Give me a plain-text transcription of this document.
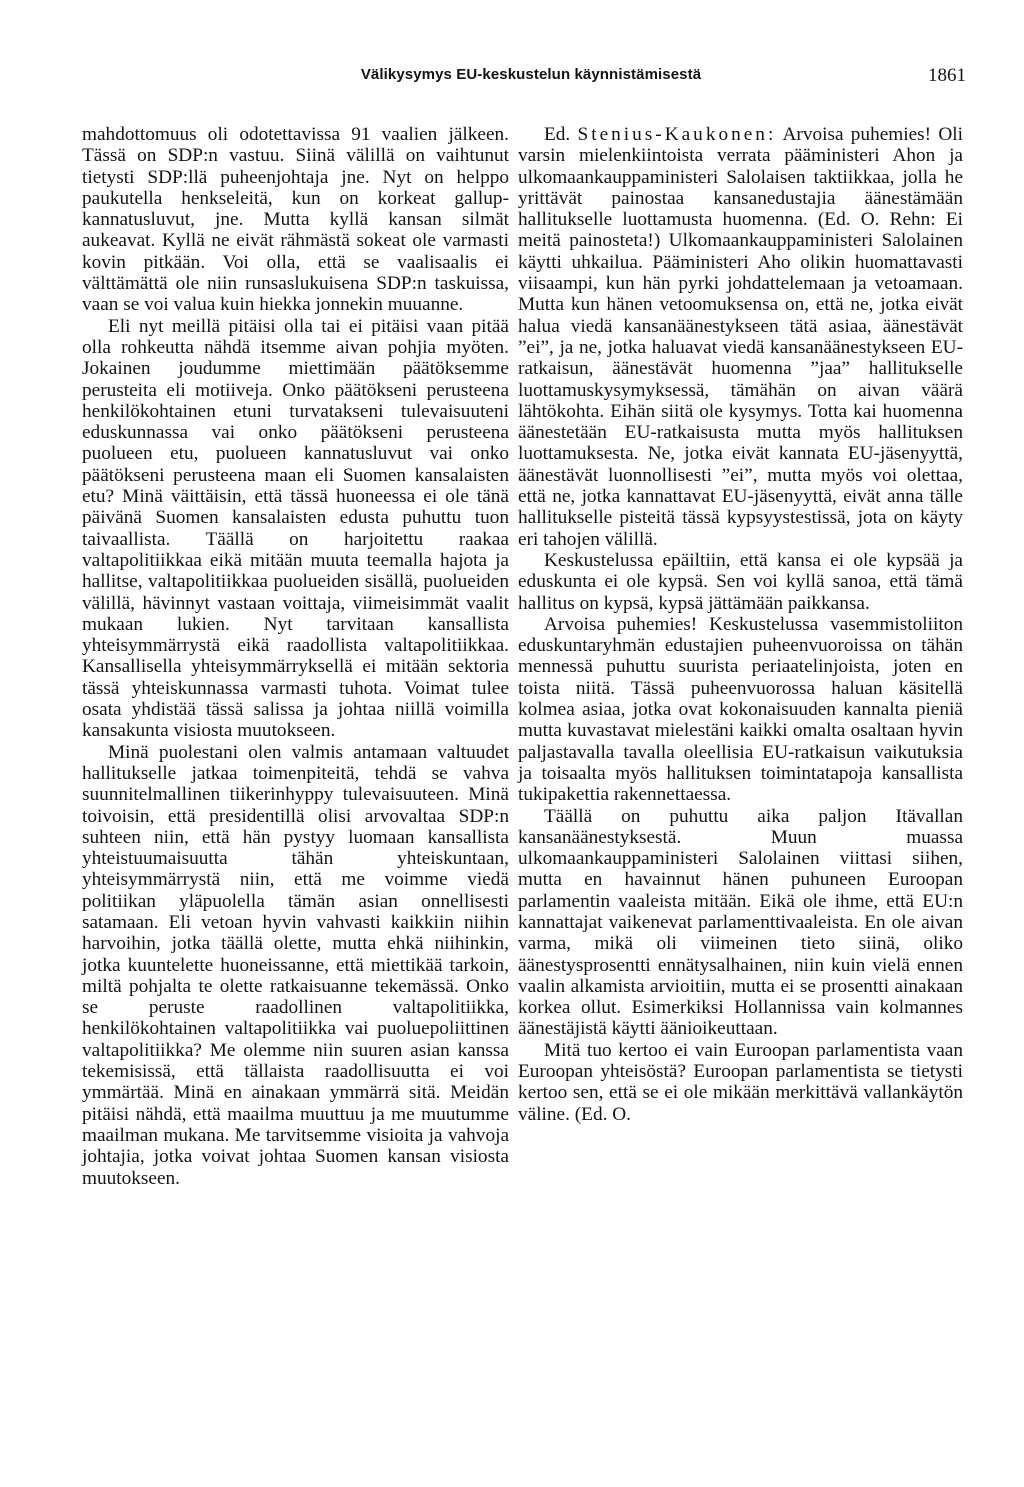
Välikysymys EU-keskustelun käynnistämisestä	1861

mahdottomuus oli odotettavissa 91 vaalien jälkeen. Tässä on SDP:n vastuu. Siinä välillä on vaihtunut tietysti SDP:llä puheenjohtaja jne. Nyt on helppo paukutella henkseleitä, kun on korkeat gallup-kannatusluvut, jne. Mutta kyllä kansan silmät aukeavat. Kyllä ne eivät rähmästä sokeat ole varmasti kovin pitkään. Voi olla, että se vaalisaalis ei välttämättä ole niin runsaslukuisena SDP:n taskuissa, vaan se voi valua kuin hiekka jonnekin muuanne.

Eli nyt meillä pitäisi olla tai ei pitäisi vaan pitää olla rohkeutta nähdä itsemme aivan pohjia myöten. Jokainen joudumme miettimään päätöksemme perusteita eli motiiveja. Onko päätökseni perusteena henkilökohtainen etuni turvatakseni tulevaisuuteni eduskunnassa vai onko päätökseni perusteena puolueen etu, puolueen kannatusluvut vai onko päätökseni perusteena maan eli Suomen kansalaisten etu? Minä väittäisin, että tässä huoneessa ei ole tänä päivänä Suomen kansalaisten edusta puhuttu tuon taivaallista. Täällä on harjoitettu raakaa valtapolitiikkaa eikä mitään muuta teemalla hajota ja hallitse, valtapolitiikkaa puolueiden sisällä, puolueiden välillä, hävinnyt vastaan voittaja, viimeisimmät vaalit mukaan lukien. Nyt tarvitaan kansallista yhteisymmärrystä eikä raadollista valtapolitiikkaa. Kansallisella yhteisymmärryksellä ei mitään sektoria tässä yhteiskunnassa varmasti tuhota. Voimat tulee osata yhdistää tässä salissa ja johtaa niillä voimilla kansakunta visiosta muutokseen.

Minä puolestani olen valmis antamaan valtuudet hallitukselle jatkaa toimenpiteitä, tehdä se vahva suunnitelmallinen tiikerinhyppy tulevaisuuteen. Minä toivoisin, että presidentillä olisi arvovaltaa SDP:n suhteen niin, että hän pystyy luomaan kansallista yhteistuumaisuutta tähän yhteiskuntaan, yhteisymmärrystä niin, että me voimme viedä politiikan yläpuolella tämän asian onnellisesti satamaan. Eli vetoan hyvin vahvasti kaikkiin niihin harvoihin, jotka täällä olette, mutta ehkä niihinkin, jotka kuuntelette huoneissanne, että miettikää tarkoin, miltä pohjalta te olette ratkaisuanne tekemässä. Onko se peruste raadollinen valtapolitiikka, henkilökohtainen valtapolitiikka vai puoluepoliittinen valtapolitiikka? Me olemme niin suuren asian kanssa tekemisissä, että tällaista raadollisuutta ei voi ymmärtää. Minä en ainakaan ymmärrä sitä. Meidän pitäisi nähdä, että maailma muuttuu ja me muutumme maailman mukana. Me tarvitsemme visioita ja vahvoja johtajia, jotka voivat johtaa Suomen kansan visiosta muutokseen.

Ed. Stenius-Kaukonen: Arvoisa puhemies! Oli varsin mielenkiintoista verrata pääministeri Ahon ja ulkomaankauppaministeri Salolaisen taktiikkaa, jolla he yrittävät painostaa kansanedustajia äänestämään hallitukselle luottamusta huomenna. (Ed. O. Rehn: Ei meitä painosteta!) Ulkomaankauppaministeri Salolainen käytti uhkailua. Pääministeri Aho olikin huomattavasti viisaampi, kun hän pyrki johdattelemaan ja vetoamaan. Mutta kun hänen vetoomuksensa on, että ne, jotka eivät halua viedä kansanäänestykseen tätä asiaa, äänestävät ”ei”, ja ne, jotka haluavat viedä kansanäänestykseen EU-ratkaisun, äänestävät huomenna ”jaa” hallitukselle luottamuskysymyksessä, tämähän on aivan väärä lähtökohta. Eihän siitä ole kysymys. Totta kai huomenna äänestetään EU-ratkaisusta mutta myös hallituksen luottamuksesta. Ne, jotka eivät kannata EU-jäsenyyttä, äänestävät luonnollisesti ”ei”, mutta myös voi olettaa, että ne, jotka kannattavat EU-jäsenyyttä, eivät anna tälle hallitukselle pisteitä tässä kypsyystestissä, jota on käyty eri tahojen välillä.

Keskustelussa epäiltiin, että kansa ei ole kypsää ja eduskunta ei ole kypsä. Sen voi kyllä sanoa, että tämä hallitus on kypsä, kypsä jättämään paikkansa.

Arvoisa puhemies! Keskustelussa vasemmistoliiton eduskuntaryhmän edustajien puheenvuoroissa on tähän mennessä puhuttu suurista periaatelinjoista, joten en toista niitä. Tässä puheenvuorossa haluan käsitellä kolmea asiaa, jotka ovat kokonaisuuden kannalta pieniä mutta kuvastavat mielestäni kaikki omalta osaltaan hyvin paljastavalla tavalla oleellisia EU-ratkaisun vaikutuksia ja toisaalta myös hallituksen toimintatapoja kansallista tukipakettia rakennettaessa.

Täällä on puhuttu aika paljon Itävallan kansanäänestyksestä. Muun muassa ulkomaankauppaministeri Salolainen viittasi siihen, mutta en havainnut hänen puhuneen Euroopan parlamentin vaaleista mitään. Eikä ole ihme, että EU:n kannattajat vaikenevat parlamenttivaaleista. En ole aivan varma, mikä oli viimeinen tieto siinä, oliko äänestysprosentti ennätysalhainen, niin kuin vielä ennen vaalin alkamista arvioitiin, mutta ei se prosentti ainakaan korkea ollut. Esimerkiksi Hollannissa vain kolmannes äänestäjistä käytti äänioikeuttaan.

Mitä tuo kertoo ei vain Euroopan parlamentista vaan Euroopan yhteisöstä? Euroopan parlamentista se tietysti kertoo sen, että se ei ole mikään merkittävä vallankäytön väline. (Ed. O.
